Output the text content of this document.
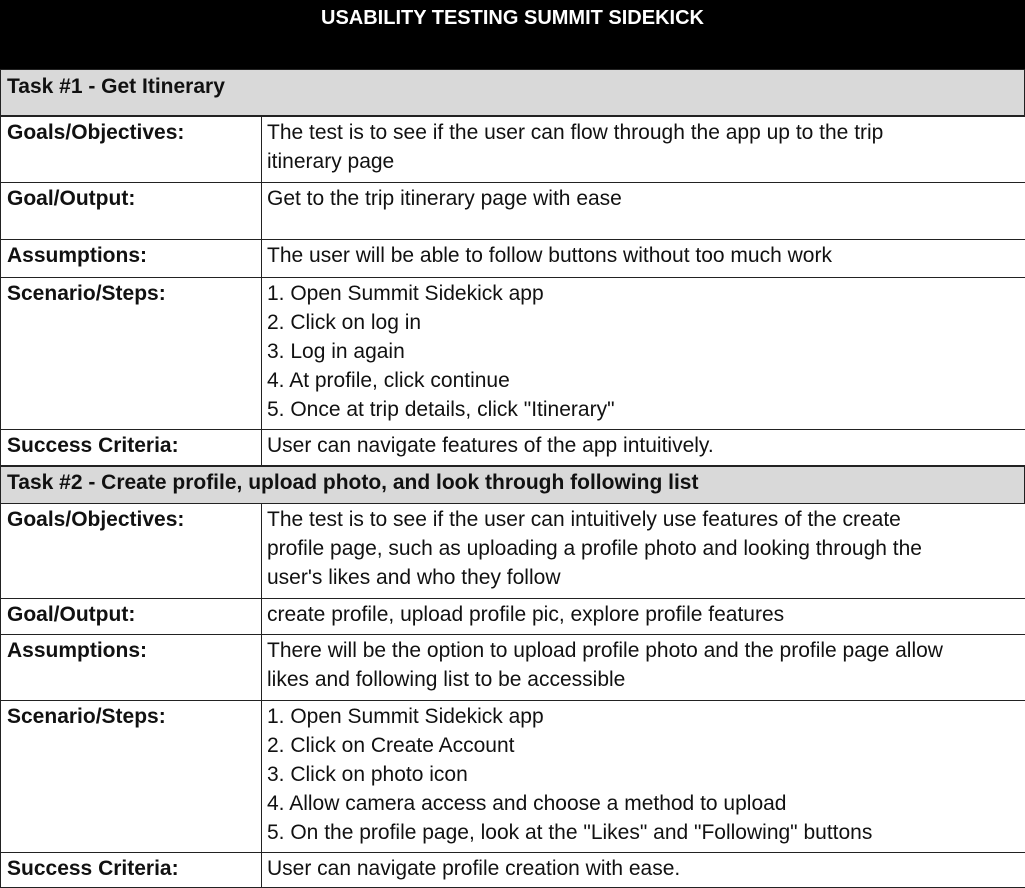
USABILITY TESTING SUMMIT SIDEKICK
Task #1 - Get Itinerary
Goals/Objectives:	The test is to see if the user can flow through the app up to the trip
itinerary page
Goal/Output:	Get to the trip itinerary page with ease
Assumptions:	The user will be able to follow buttons without too much work
Scenario/Steps:	1. Open Summit Sidekick app
2. Click on log in
3. Log in again
4. At profile, click continue
5. Once at trip details, click "Itinerary"
Success Criteria:	User can navigate features of the app intuitively.
Task #2 - Create profile, upload photo, and look through following list
Goals/Objectives:	The test is to see if the user can intuitively use features of the create
profile page, such as uploading a profile photo and looking through the
user's likes and who they follow
Goal/Output:	create profile, upload profile pic, explore profile features
Assumptions:	There will be the option to upload profile photo and the profile page allow
likes and following list to be accessible
Scenario/Steps:	1. Open Summit Sidekick app
2. Click on Create Account
3. Click on photo icon
4. Allow camera access and choose a method to upload
5. On the profile page, look at the "Likes" and "Following" buttons
Success Criteria:	User can navigate profile creation with ease.
